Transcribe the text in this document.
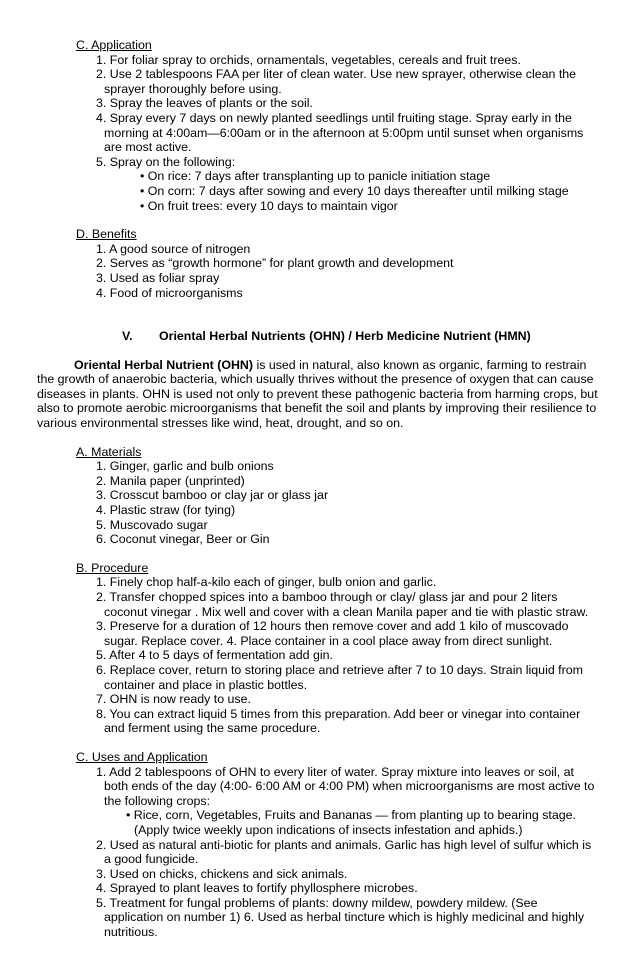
C. Application
1. For foliar spray to orchids, ornamentals, vegetables, cereals and fruit trees.
2. Use 2 tablespoons FAA per liter of clean water. Use new sprayer, otherwise clean the sprayer thoroughly before using.
3. Spray the leaves of plants or the soil.
4. Spray every 7 days on newly planted seedlings until fruiting stage. Spray early in the morning at 4:00am—6:00am or in the afternoon at 5:00pm until sunset when organisms are most active.
5. Spray on the following:
• On rice: 7 days after transplanting up to panicle initiation stage
• On corn: 7 days after sowing and every 10 days thereafter until milking stage
• On fruit trees: every 10 days to maintain vigor
D. Benefits
1. A good source of nitrogen
2. Serves as “growth hormone” for plant growth and development
3. Used as foliar spray
4. Food of microorganisms
V. Oriental Herbal Nutrients (OHN) / Herb Medicine Nutrient (HMN)
Oriental Herbal Nutrient (OHN) is used in natural, also known as organic, farming to restrain the growth of anaerobic bacteria, which usually thrives without the presence of oxygen that can cause diseases in plants. OHN is used not only to prevent these pathogenic bacteria from harming crops, but also to promote aerobic microorganisms that benefit the soil and plants by improving their resilience to various environmental stresses like wind, heat, drought, and so on.
A. Materials
1. Ginger, garlic and bulb onions
2. Manila paper (unprinted)
3. Crosscut bamboo or clay jar or glass jar
4. Plastic straw (for tying)
5. Muscovado sugar
6. Coconut vinegar, Beer or Gin
B. Procedure
1. Finely chop half-a-kilo each of ginger, bulb onion and garlic.
2. Transfer chopped spices into a bamboo through or clay/ glass jar and pour 2 liters coconut vinegar . Mix well and cover with a clean Manila paper and tie with plastic straw.
3. Preserve for a duration of 12 hours then remove cover and add 1 kilo of muscovado sugar. Replace cover. 4. Place container in a cool place away from direct sunlight.
5. After 4 to 5 days of fermentation add gin.
6. Replace cover, return to storing place and retrieve after 7 to 10 days. Strain liquid from container and place in plastic bottles.
7. OHN is now ready to use.
8. You can extract liquid 5 times from this preparation. Add beer or vinegar into container and ferment using the same procedure.
C. Uses and Application
1. Add 2 tablespoons of OHN to every liter of water. Spray mixture into leaves or soil, at both ends of the day (4:00- 6:00 AM or 4:00 PM) when microorganisms are most active to the following crops:
• Rice, corn, Vegetables, Fruits and Bananas — from planting up to bearing stage. (Apply twice weekly upon indications of insects infestation and aphids.)
2. Used as natural anti-biotic for plants and animals. Garlic has high level of sulfur which is a good fungicide.
3. Used on chicks, chickens and sick animals.
4. Sprayed to plant leaves to fortify phyllosphere microbes.
5. Treatment for fungal problems of plants: downy mildew, powdery mildew. (See application on number 1) 6. Used as herbal tincture which is highly medicinal and highly nutritious.
